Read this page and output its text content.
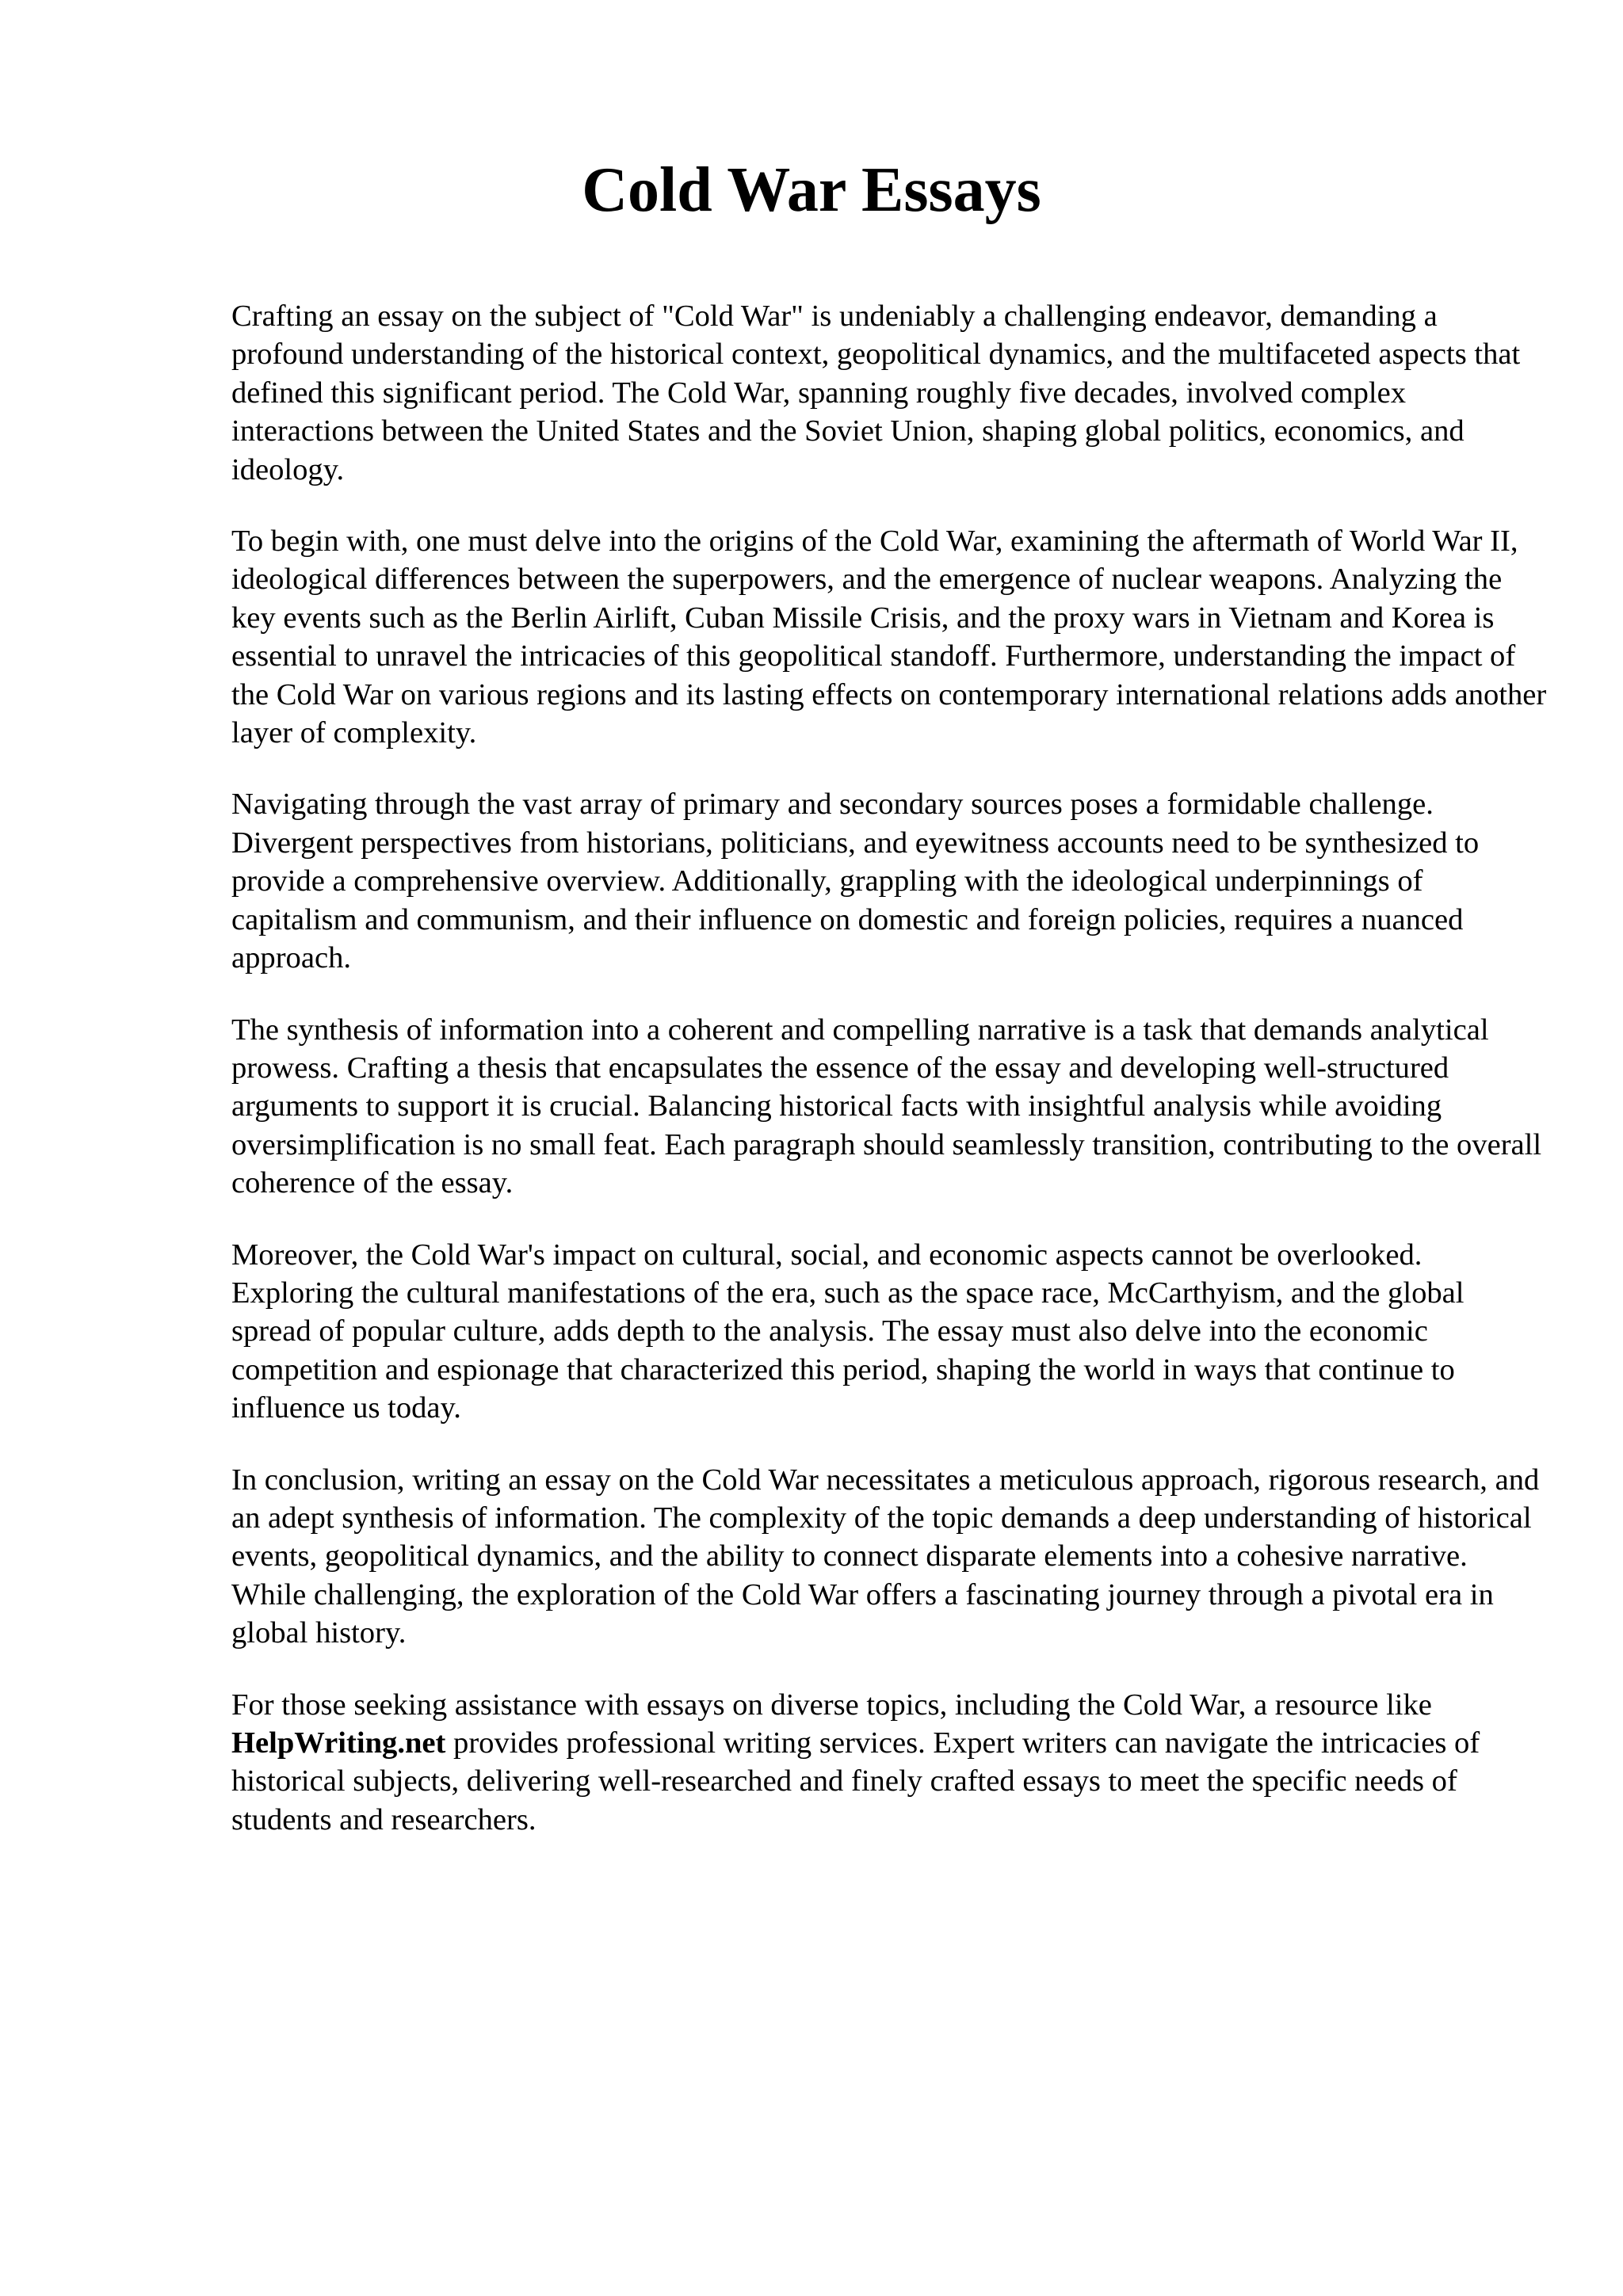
Cold War Essays

Crafting an essay on the subject of "Cold War" is undeniably a challenging endeavor, demanding a profound understanding of the historical context, geopolitical dynamics, and the multifaceted aspects that defined this significant period. The Cold War, spanning roughly five decades, involved complex interactions between the United States and the Soviet Union, shaping global politics, economics, and ideology.

To begin with, one must delve into the origins of the Cold War, examining the aftermath of World War II, ideological differences between the superpowers, and the emergence of nuclear weapons. Analyzing the key events such as the Berlin Airlift, Cuban Missile Crisis, and the proxy wars in Vietnam and Korea is essential to unravel the intricacies of this geopolitical standoff. Furthermore, understanding the impact of the Cold War on various regions and its lasting effects on contemporary international relations adds another layer of complexity.

Navigating through the vast array of primary and secondary sources poses a formidable challenge. Divergent perspectives from historians, politicians, and eyewitness accounts need to be synthesized to provide a comprehensive overview. Additionally, grappling with the ideological underpinnings of capitalism and communism, and their influence on domestic and foreign policies, requires a nuanced approach.

The synthesis of information into a coherent and compelling narrative is a task that demands analytical prowess. Crafting a thesis that encapsulates the essence of the essay and developing well-structured arguments to support it is crucial. Balancing historical facts with insightful analysis while avoiding oversimplification is no small feat. Each paragraph should seamlessly transition, contributing to the overall coherence of the essay.

Moreover, the Cold War's impact on cultural, social, and economic aspects cannot be overlooked. Exploring the cultural manifestations of the era, such as the space race, McCarthyism, and the global spread of popular culture, adds depth to the analysis. The essay must also delve into the economic competition and espionage that characterized this period, shaping the world in ways that continue to influence us today.

In conclusion, writing an essay on the Cold War necessitates a meticulous approach, rigorous research, and an adept synthesis of information. The complexity of the topic demands a deep understanding of historical events, geopolitical dynamics, and the ability to connect disparate elements into a cohesive narrative. While challenging, the exploration of the Cold War offers a fascinating journey through a pivotal era in global history.

For those seeking assistance with essays on diverse topics, including the Cold War, a resource like HelpWriting.net provides professional writing services. Expert writers can navigate the intricacies of historical subjects, delivering well-researched and finely crafted essays to meet the specific needs of students and researchers.
